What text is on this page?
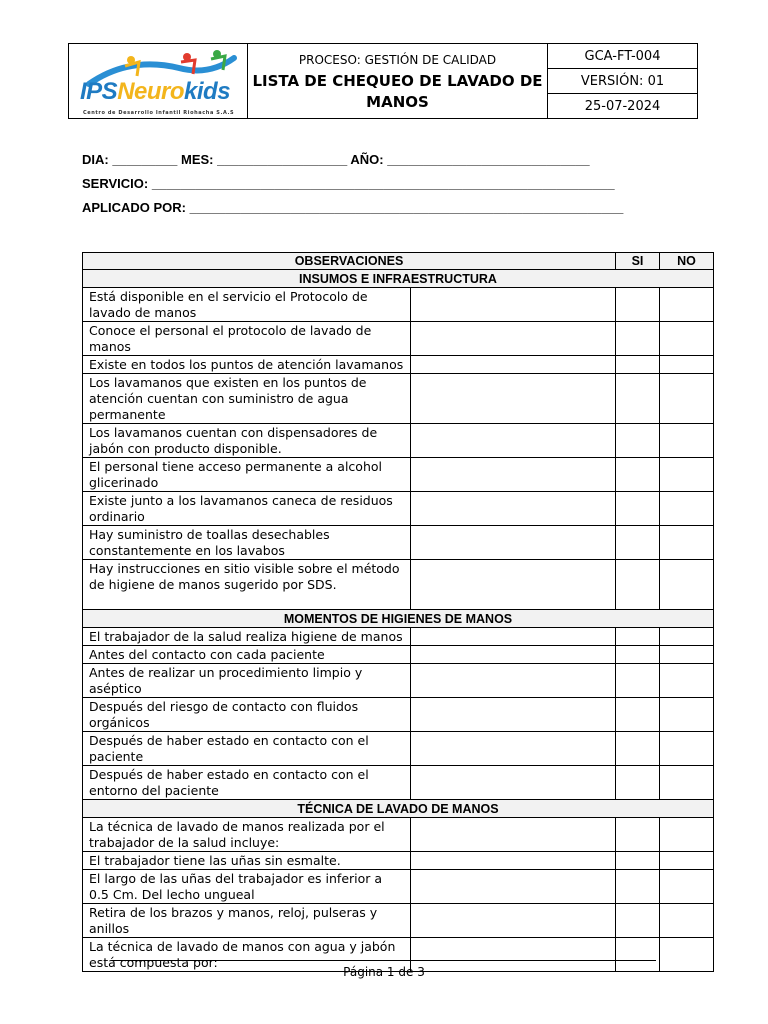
IPSNeurokids
Centro de Desarrollo Infantil Riohacha S.A.S
PROCESO: GESTIÓN DE CALIDAD
LISTA DE CHEQUEO DE LAVADO DE MANOS
GCA-FT-004
VERSIÓN: 01
25-07-2024
DIA: _________ MES: __________________ AÑO: ____________________________
SERVICIO: ________________________________________________________________
APLICADO POR: ____________________________________________________________
OBSERVACIONES		SI	NO
INSUMOS E INFRAESTRUCTURA			
Está disponible en el servicio el Protocolo de lavado de manos			
Conoce el personal el protocolo de lavado de manos			
Existe en todos los puntos de atención lavamanos			
Los lavamanos que existen en los puntos de atención cuentan con suministro de agua permanente			
Los lavamanos cuentan con dispensadores de jabón con producto disponible.			
El personal tiene acceso permanente a alcohol glicerinado			
Existe junto a los lavamanos caneca de residuos ordinario			
Hay suministro de toallas desechables constantemente en los lavabos			
Hay instrucciones en sitio visible sobre el método de higiene de manos sugerido por SDS.			
MOMENTOS DE HIGIENES DE MANOS			
El trabajador de la salud realiza higiene de manos			
Antes del contacto con cada paciente			
Antes de realizar un procedimiento limpio y aséptico			
Después del riesgo de contacto con fluidos orgánicos			
Después de haber estado en contacto con el paciente			
Después de haber estado en contacto con el entorno del paciente			
TÉCNICA DE LAVADO DE MANOS			
La técnica de lavado de manos realizada por el trabajador de la salud incluye:			
El trabajador tiene las uñas sin esmalte.			
El largo de las uñas del trabajador es inferior a 0.5 Cm. Del lecho ungueal			
Retira de los brazos y manos, reloj, pulseras y anillos			
La técnica de lavado de manos con agua y jabón está compuesta por:			
Página 1 de 3
